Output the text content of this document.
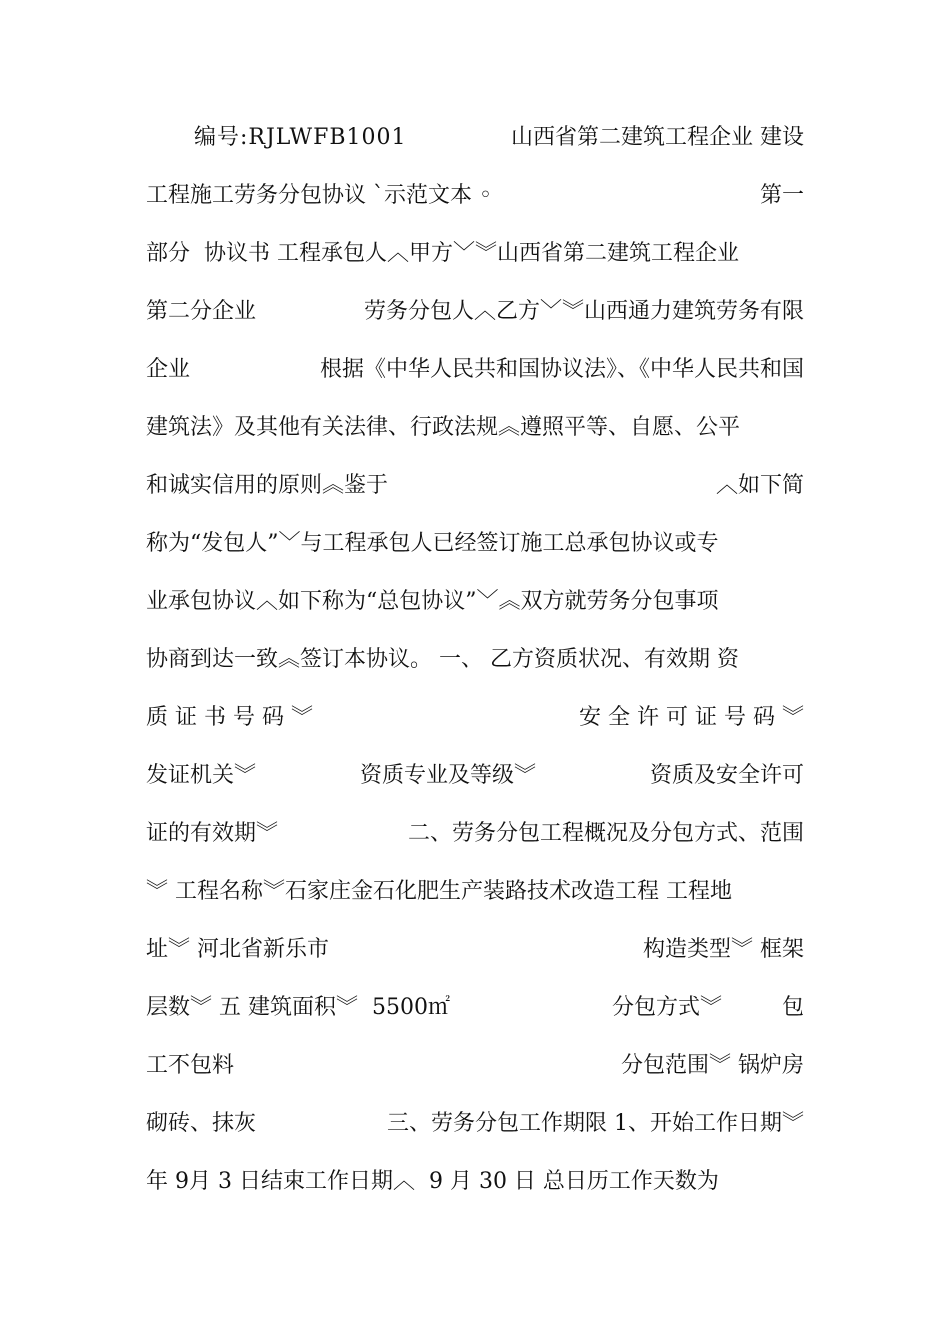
编号:RJLWFB1001

	山西省第二建筑工程企业 建设

工程施工劳务分包协议 `示范文本 ◦

	第一

部分  协议书 工程承包人︿甲方﹀︾山西省第二建筑工程企业

第二分企业

	劳务分包人︿乙方﹀︾山西通力建筑劳务有限

企业

	根据《中华人民共和国协议法》、《中华人民共和国

建筑法》及其他有关法律、行政法规︽遵照平等、自愿、公平

和诚实信用的原则︽鉴于

	︿如下简

称为“发包人”﹀与工程承包人已经签订施工总承包协议或专

业承包协议︿如下称为“总包协议”﹀︽双方就劳务分包事项

协商到达一致︽签订本协议。 一、 乙方资质状况、有效期 资

质 证 书 号 码 ︾

	安 全 许 可 证 号 码 ︾

发证机关︾

	资质专业及等级︾

	资质及安全许可

证的有效期︾

	二、劳务分包工程概况及分包方式、范围

︾ 工程名称︾石家庄金石化肥生产装路技术改造工程 工程地

址︾ 河北省新乐市

	构造类型︾ 框架

层数︾ 五 建筑面积︾  5500㎡

	分包方式︾

	包

工不包料

	分包范围︾ 锅炉房

砌砖、抹灰

	三、劳务分包工作期限 1、开始工作日期︾

年 9月 3 日结束工作日期︿  9 月 30 日 总日历工作天数为
